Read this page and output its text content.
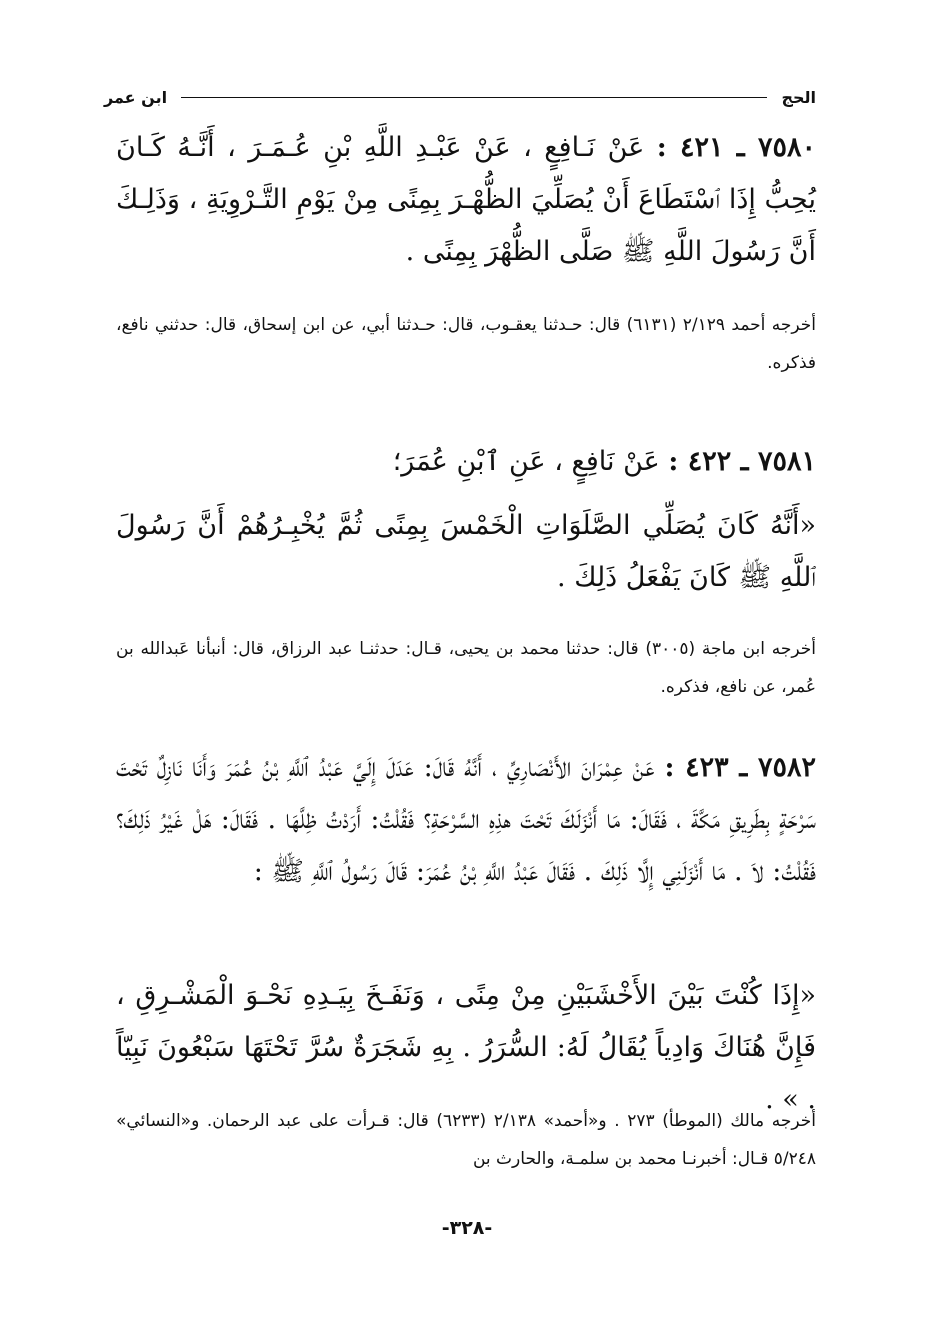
الحج
ابن عمر
٧٥٨٠ ـ ٤٢١ : عَنْ نَـافِعٍ ، عَنْ عَبْـدِ اللَّهِ بْنِ عُـمَـرَ ، أَنَّـهُ كَـانَ يُحِبُّ إِذَا ٱسْتَطَاعَ أَنْ يُصَلِّيَ الظُّهْـرَ بِمِنًى مِنْ يَوْمِ التَّـرْوِيَةِ ، وَذَلِـكَ أَنَّ رَسُولَ اللَّهِ ﷺ صَلَّى الظُّهْرَ بِمِنًى .
أخرجه أحمد ٢/١٢٩ (٦١٣١) قال: حـدثنا يعقـوب، قال: حـدثنا أبي، عن ابن إسحاق، قال: حدثني نافع، فذكره.
٧٥٨١ ـ ٤٢٢ : عَنْ نَافِعٍ ، عَنِ ٱبْنِ عُمَرَ؛
«أَنَّهُ كَانَ يُصَلِّي الصَّلَوَاتِ الْخَمْسَ بِمِنًى ثُمَّ يُخْبِـرُهُمْ أَنَّ رَسُولَ ٱللَّهِ ﷺ كَانَ يَفْعَلُ ذَلِكَ .
أخرجه ابن ماجة (٣٠٠٥) قال: حدثنا محمد بن يحيى، قـال: حدثنـا عبد الرزاق، قال: أنبأنا عَبدالله بن عُمر، عن نافع، فذكره.
٧٥٨٢ ـ ٤٢٣ : عَنْ عِمْرَانَ الأَنْصَارِيِّ ، أَنَّهُ قَالَ: عَدَلَ إِلَيَّ عَبْدُ ٱللَّهِ بْنُ عُمَرَ وَأَنَا نَازِلٌ تَحْتَ سَرْحَةٍ بِطَرِيقِ مَكَّةَ ، فَقَالَ: مَا أَنْزَلَكَ تَحْتَ هذِهِ السَّرْحَةِ؟ فَقُلْتُ: أَرَدْتُ ظِلَّهَا . فَقَالَ: هَلْ غَيْرُ ذَلِكَ؟ فَقُلْتُ: لاَ . مَا أَنْزَلَنِي إِلَّا ذَلِكَ . فَقَالَ عَبْدُ اللَّهِ بْنُ عُمَرَ: قَالَ رَسُولُ ٱللَّهِ ﷺ :
«إِذَا كُنْتَ بَيْنَ الأَخْشَبَيْنِ مِنْ مِنًى ، وَنَفَـخَ بِيَـدِهِ نَحْـوَ الْمَشْـرِقِ ، فَإِنَّ هُنَاكَ وَادِياً يُقَالُ لَهُ: السُّرَرُ . بِهِ شَجَرَةٌ سُرَّ تَحْتَهَا سَبْعُونَ نَبِيّاً . » .
أخرجه مالك (الموطأ) ٢٧٣ . و«أحمد» ٢/١٣٨ (٦٢٣٣) قال: قـرأت على عبد الرحمان. و«النسائي» ٥/٢٤٨ قـال: أخبرنـا محمد بن سلمـة، والحارث بن
-٣٢٨-
